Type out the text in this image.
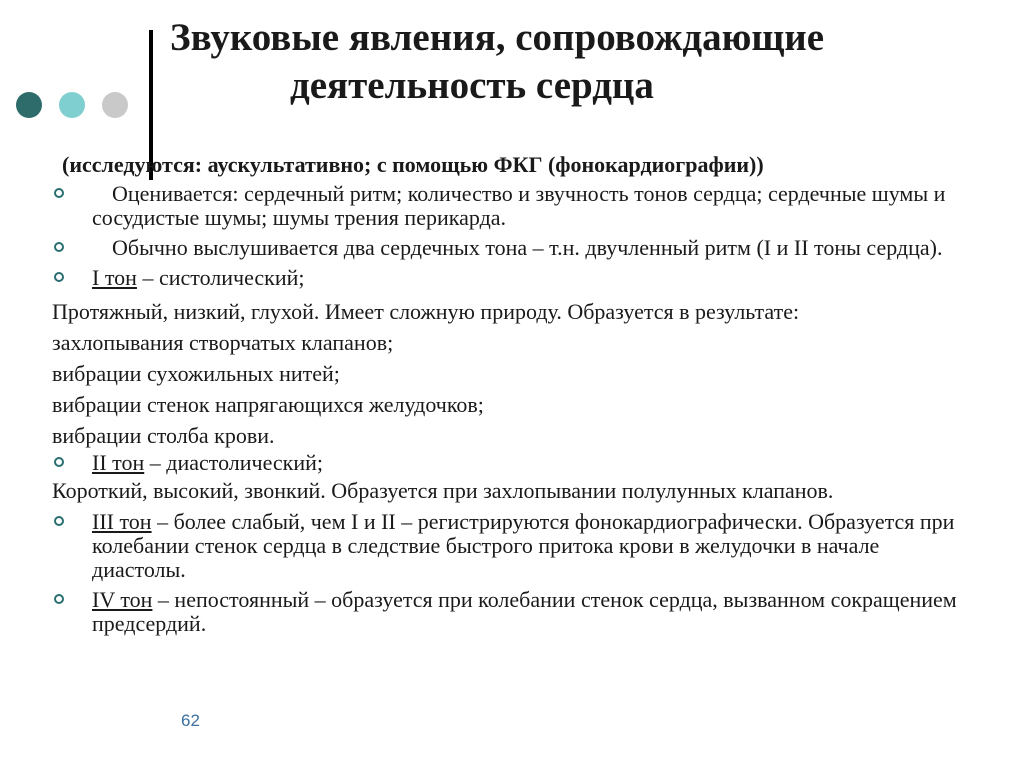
Звуковые явления, сопровождающие
деятельность сердца
(исследуются: аускультативно; с помощью ФКГ (фонокардиографии))
Оценивается: сердечный ритм; количество и звучность тонов сердца; сердечные шумы и сосудистые шумы; шумы трения перикарда.
Обычно выслушивается два сердечных тона – т.н. двучленный ритм (I и II тоны сердца).
I тон – систолический;
Протяжный, низкий, глухой. Имеет сложную природу. Образуется в результате:
захлопывания створчатых клапанов;
вибрации сухожильных нитей;
вибрации стенок напрягающихся желудочков;
вибрации столба крови.
II тон – диастолический;
Короткий, высокий, звонкий. Образуется при захлопывании полулунных клапанов.
III тон – более слабый, чем I и II – регистрируются фонокардиографически. Образуется при колебании стенок сердца в следствие быстрого притока крови в желудочки в начале диастолы.
IV тон – непостоянный – образуется при колебании стенок сердца, вызванном сокращением предсердий.
62
